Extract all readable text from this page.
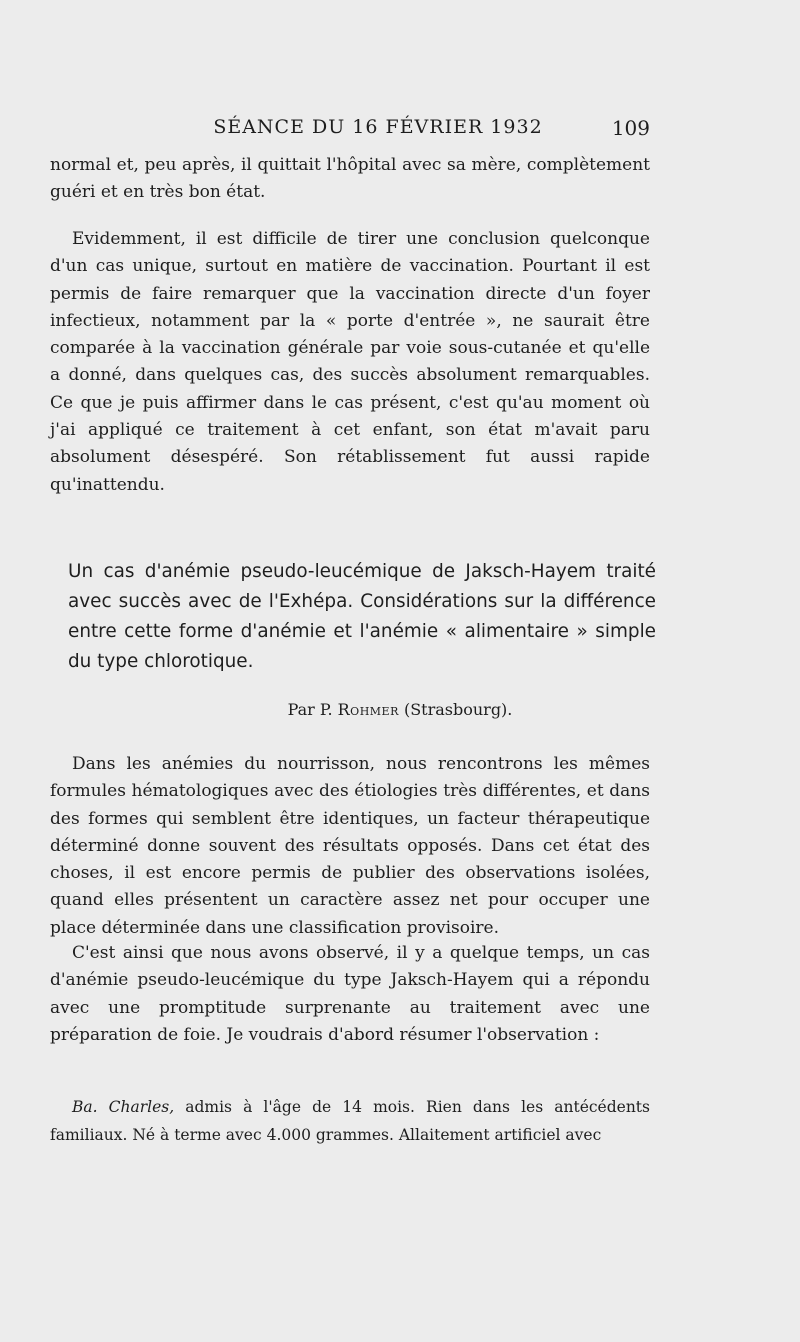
SÉANCE DU 16 FÉVRIER 1932	109

normal et, peu après, il quittait l'hôpital avec sa mère, complètement guéri et en très bon état.

Evidemment, il est difficile de tirer une conclusion quelconque d'un cas unique, surtout en matière de vaccination. Pourtant il est permis de faire remarquer que la vaccination directe d'un foyer infectieux, notamment par la « porte d'entrée », ne saurait être comparée à la vaccination générale par voie sous-cutanée et qu'elle a donné, dans quelques cas, des succès absolument remarquables. Ce que je puis affirmer dans le cas présent, c'est qu'au moment où j'ai appliqué ce traitement à cet enfant, son état m'avait paru absolument désespéré. Son rétablissement fut aussi rapide qu'inattendu.

Un cas d'anémie pseudo-leucémique de Jaksch-Hayem traité avec succès avec de l'Exhépa. Considérations sur la différence entre cette forme d'anémie et l'anémie « alimentaire » simple du type chlorotique.

Par P. Rohmer (Strasbourg).

Dans les anémies du nourrisson, nous rencontrons les mêmes formules hématologiques avec des étiologies très différentes, et dans des formes qui semblent être identiques, un facteur thérapeutique déterminé donne souvent des résultats opposés. Dans cet état des choses, il est encore permis de publier des observations isolées, quand elles présentent un caractère assez net pour occuper une place déterminée dans une classification provisoire.

C'est ainsi que nous avons observé, il y a quelque temps, un cas d'anémie pseudo-leucémique du type Jaksch-Hayem qui a répondu avec une promptitude surprenante au traitement avec une préparation de foie. Je voudrais d'abord résumer l'observation :

Ba. Charles, admis à l'âge de 14 mois. Rien dans les antécédents familiaux. Né à terme avec 4.000 grammes. Allaitement artificiel avec
